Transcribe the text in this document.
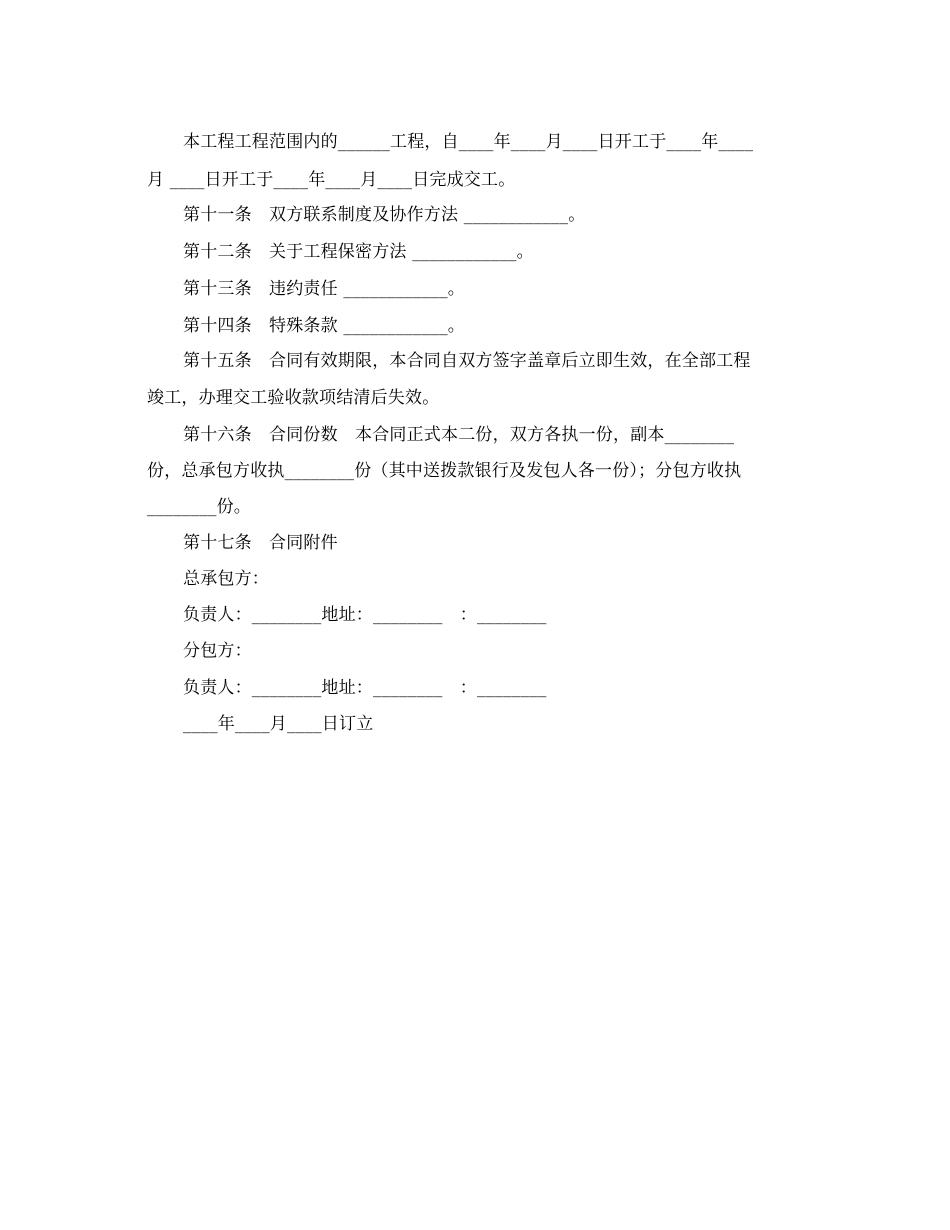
本工程工程范围内的______工程，自____年____月____日开工于____年____
月 ____日开工于____年____月____日完成交工。
第十一条　双方联系制度及协作方法 ____________。
第十二条　关于工程保密方法 ____________。
第十三条　违约责任 ____________。
第十四条　特殊条款 ____________。
第十五条　合同有效期限，本合同自双方签字盖章后立即生效，在全部工程
竣工，办理交工验收款项结清后失效。
第十六条　合同份数　本合同正式本二份，双方各执一份，副本________
份，总承包方收执________份（其中送拨款银行及发包人各一份）；分包方收执
________份。
第十七条　合同附件
总承包方：
负责人：________地址：________　：________
分包方：
负责人：________地址：________　：________
____年____月____日订立
